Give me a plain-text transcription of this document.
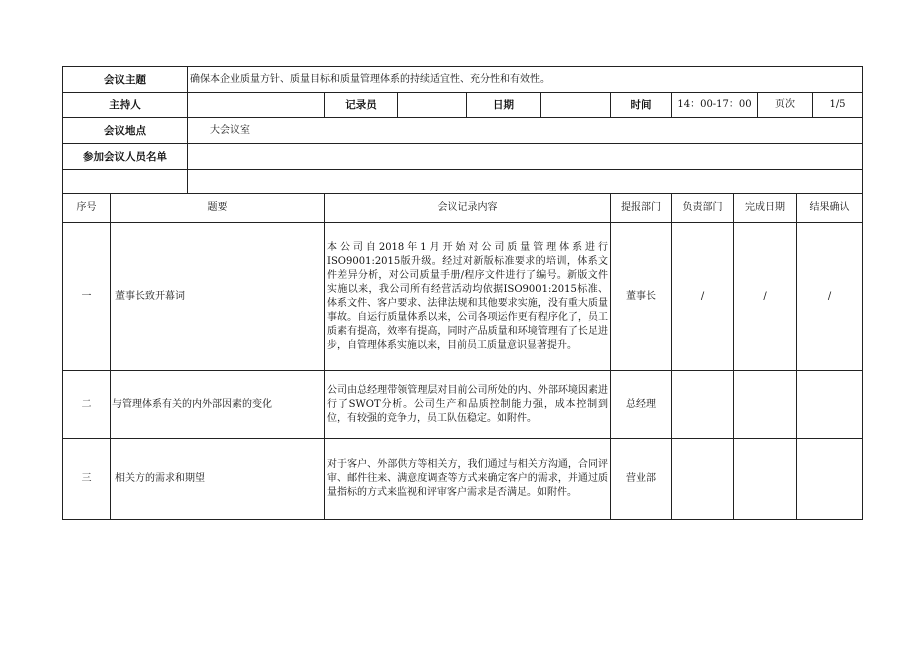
会议主题		确保本企业质量方针、质量目标和质量管理体系的持续适宜性、充分性和有效性。						
主持人			记录员		日期	时间	14：00-17：00 页次 1/5	

会议地点		大会议室						
参加会议人员名单								

序号	题要		会议记录内容			提报部门	负责部门	完成日期 结果确认

一	董事长致开幕词		本公司自2018年1月开始对公司质量管理体系进行ISO9001:2015版升级。经过对新版标准要求的培训，体系文件差异分析，对公司质量手册/程序文件进行了编号。新版文件实施以来，我公司所有经营活动均依据ISO9001:2015标准、体系文件、客户要求、法律法规和其他要求实施，没有重大质量事故。自运行质量体系以来，公司各项运作更有程序化了，员工质素有提高，效率有提高，同时产品质量和环境管理有了长足进步，自管理体系实施以来，目前员工质量意识显著提升。			董事长	/	/ /

二	与管理体系有关的内外部因素的变化		公司由总经理带领管理层对目前公司所处的内、外部环境因素进行了SWOT分析。公司生产和品质控制能力强，成本控制到位，有较强的竞争力，员工队伍稳定。如附件。			总经理		

三	相关方的需求和期望		对于客户、外部供方等相关方，我们通过与相关方沟通，合同评审、邮件往来、满意度调查等方式来确定客户的需求，并通过质量指标的方式来监视和评审客户需求是否满足。如附件。			营业部		
